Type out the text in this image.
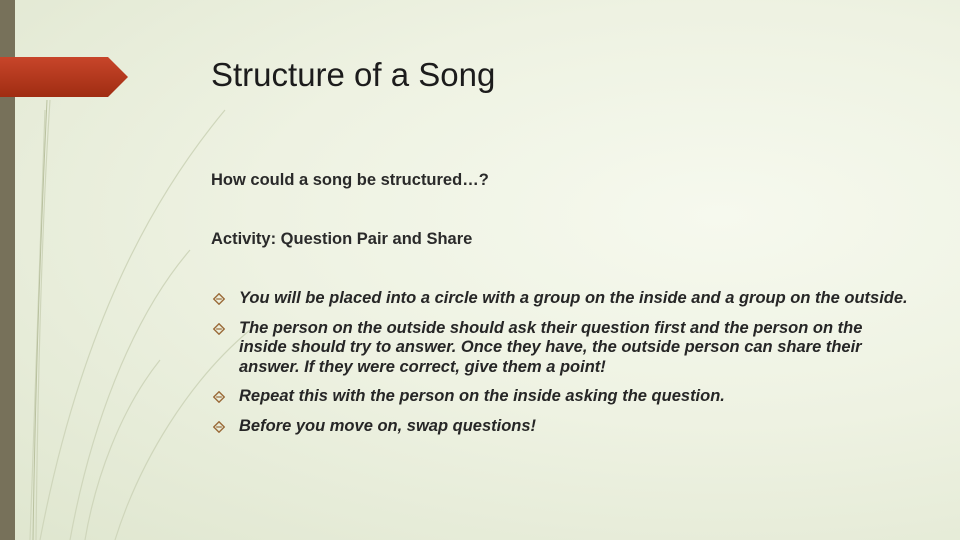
Structure of a Song

How could a song be structured…?

Activity: Question Pair and Share

You will be placed into a circle with a group on the inside and a group on the outside.
The person on the outside should ask their question first and the person on the inside should try to answer. Once they have, the outside person can share their answer. If they were correct, give them a point!
Repeat this with the person on the inside asking the question.
Before you move on, swap questions!
